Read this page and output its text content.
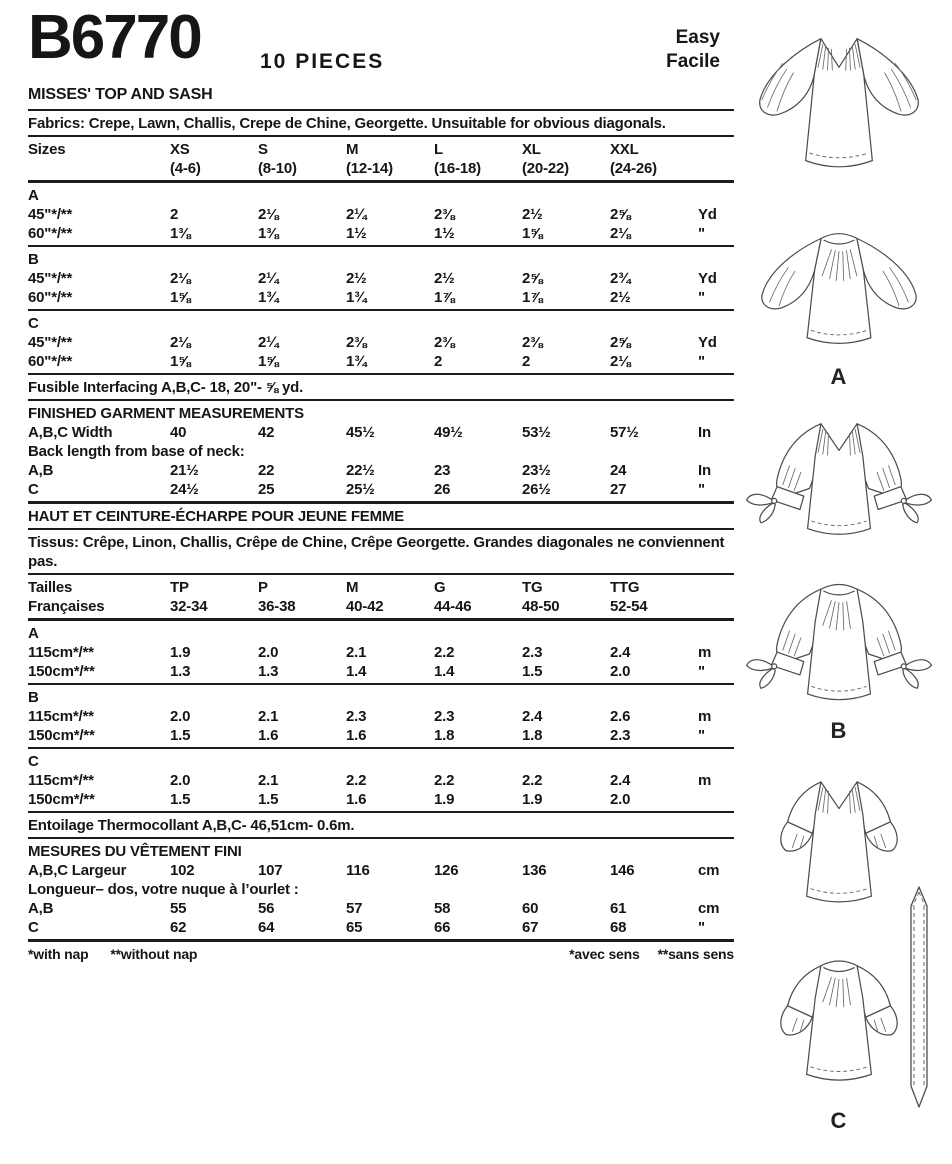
B6770	10 PIECES
Easy
Facile
MISSES' TOP AND SASH
Fabrics: Crepe, Lawn, Challis, Crepe de Chine, Georgette. Unsuitable for obvious diagonals.
Sizes	XS	S	M	L	XL	XXL
(4-6)	(8-10)	(12-14)	(16-18)	(20-22)	(24-26)
A
45"*/**	2	2⅛	2¼	2⅜	2½	2⅝	Yd
60"*/**	1⅜	1⅜	1½	1½	1⅝	2⅛	"
B
45"*/**	2⅛	2¼	2½	2½	2⅝	2¾	Yd
60"*/**	1⅝	1¾	1¾	1⅞	1⅞	2½	"
C
45"*/**	2⅛	2¼	2⅜	2⅜	2⅜	2⅝	Yd
60"*/**	1⅝	1⅝	1¾	2	2	2⅛	"
Fusible Interfacing A,B,C- 18, 20"- ⅝ yd.
FINISHED GARMENT MEASUREMENTS
A,B,C Width	40	42	45½	49½	53½	57½	In
Back length from base of neck:
A,B	21½	22	22½	23	23½	24	In
C	24½	25	25½	26	26½	27	"
HAUT ET CEINTURE-ÉCHARPE POUR JEUNE FEMME
Tissus: Crêpe, Linon, Challis, Crêpe de Chine, Crêpe Georgette. Grandes diagonales ne conviennent pas.
Tailles	TP	P	M	G	TG	TTG
Françaises	32-34	36-38	40-42	44-46	48-50	52-54
A
115cm*/**	1.9	2.0	2.1	2.2	2.3	2.4	m
150cm*/**	1.3	1.3	1.4	1.4	1.5	2.0	"
B
115cm*/**	2.0	2.1	2.3	2.3	2.4	2.6	m
150cm*/**	1.5	1.6	1.6	1.8	1.8	2.3	"
C
115cm*/**	2.0	2.1	2.2	2.2	2.2	2.4	m
150cm*/**	1.5	1.5	1.6	1.9	1.9	2.0
Entoilage Thermocollant A,B,C- 46,51cm- 0.6m.
MESURES DU VÊTEMENT FINI
A,B,C Largeur	102	107	116	126	136	146	cm
Longueur– dos, votre nuque à l’ourlet :
A,B	55	56	57	58	60	61	cm
C	62	64	65	66	67	68	"
*with nap **without nap	*avec sens **sans sens
A
B
C
